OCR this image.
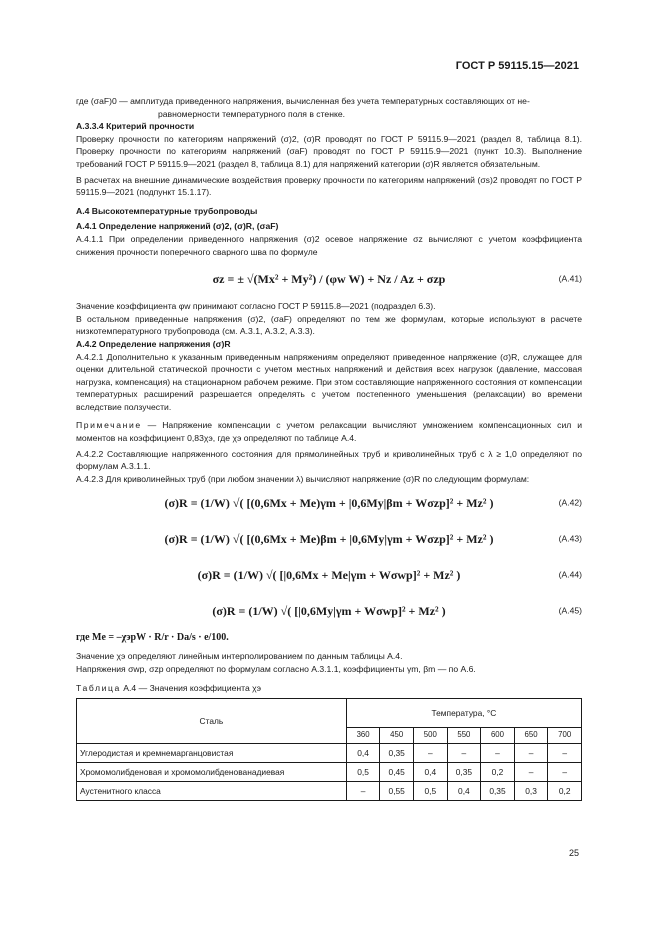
ГОСТ Р 59115.15—2021

где (σaF)0 — амплитуда приведенного напряжения, вычисленная без учета температурных составляющих от не-

равномерности температурного поля в стенке.

А.3.3.4 Критерий прочности

Проверку прочности по категориям напряжений (σ)2, (σ)R проводят по ГОСТ Р 59115.9—2021 (раздел 8, таблица 8.1). Проверку прочности по категориям напряжений (σaF) проводят по ГОСТ Р 59115.9—2021 (пункт 10.3). Выполнение требований ГОСТ Р 59115.9—2021 (раздел 8, таблица 8.1) для напряжений категории (σ)R является обязательным.

В расчетах на внешние динамические воздействия проверку прочности по категориям напряжений (σs)2 проводят по ГОСТ Р 59115.9—2021 (подпункт 15.1.17).

А.4 Высокотемпературные трубопроводы

А.4.1 Определение напряжений (σ)2, (σ)R, (σaF)

А.4.1.1 При определении приведенного напряжения (σ)2 осевое напряжение σz вычисляют с учетом коэффициента снижения прочности поперечного сварного шва по формуле

σz = ± √(Mx² + My²) / (φw W) + Nz / Az + σzp	(А.41)

Значение коэффициента φw принимают согласно ГОСТ Р 59115.8—2021 (подраздел 6.3).

В остальном приведенные напряжения (σ)2, (σaF) определяют по тем же формулам, которые используют в расчете низкотемпературного трубопровода (см. А.3.1, А.3.2, А.3.3).

А.4.2 Определение напряжения (σ)R

А.4.2.1 Дополнительно к указанным приведенным напряжениям определяют приведенное напряжение (σ)R, служащее для оценки длительной статической прочности с учетом местных напряжений и действия всех нагрузок (давление, массовая нагрузка, компенсация) на стационарном рабочем режиме. При этом составляющие напряженного состояния от компенсации температурных расширений разрешается определять с учетом постепенного уменьшения (релаксации) во времени вследствие ползучести.

Примечание — Напряжение компенсации с учетом релаксации вычисляют умножением компенсационных сил и моментов на коэффициент 0,83χэ, где χэ определяют по таблице А.4.

А.4.2.2 Составляющие напряженного состояния для прямолинейных труб и криволинейных труб с λ ≥ 1,0 определяют по формулам А.3.1.1.

А.4.2.3 Для криволинейных труб (при любом значении λ) вычисляют напряжение (σ)R по следующим формулам:

(σ)R = (1/W) √( [(0,6Mx + Mе)γm + |0,6My|βm + Wσzp]² + Mz² )	(А.42)
(σ)R = (1/W) √( [(0,6Mx + Mе)βm + |0,6My|γm + Wσzp]² + Mz² )	(А.43)
(σ)R = (1/W) √( [|0,6Mx + Mе|γm + Wσwp]² + Mz² )	(А.44)
(σ)R = (1/W) √( [|0,6My|γm + Wσwp]² + Mz² )	(А.45)

где Mе = –χэpW · R/r · Dа/s · e/100.

Значение χэ определяют линейным интерполированием по данным таблицы А.4.

Напряжения σwp, σzp определяют по формулам согласно А.3.1.1, коэффициенты γm, βm — по А.6.

Таблица А.4 — Значения коэффициента χэ

Сталь	Температура, °С						
	360	450	500	550	600	650	700
Углеродистая и кремнемарганцовистая	0,4	0,35	–	–	–	–	–
Хромомолибденовая и хромомолибденованадиевая	0,5	0,45	0,4	0,35	0,2	–	–
Аустенитного класса	–	0,55	0,5	0,4	0,35	0,3	0,2
25
